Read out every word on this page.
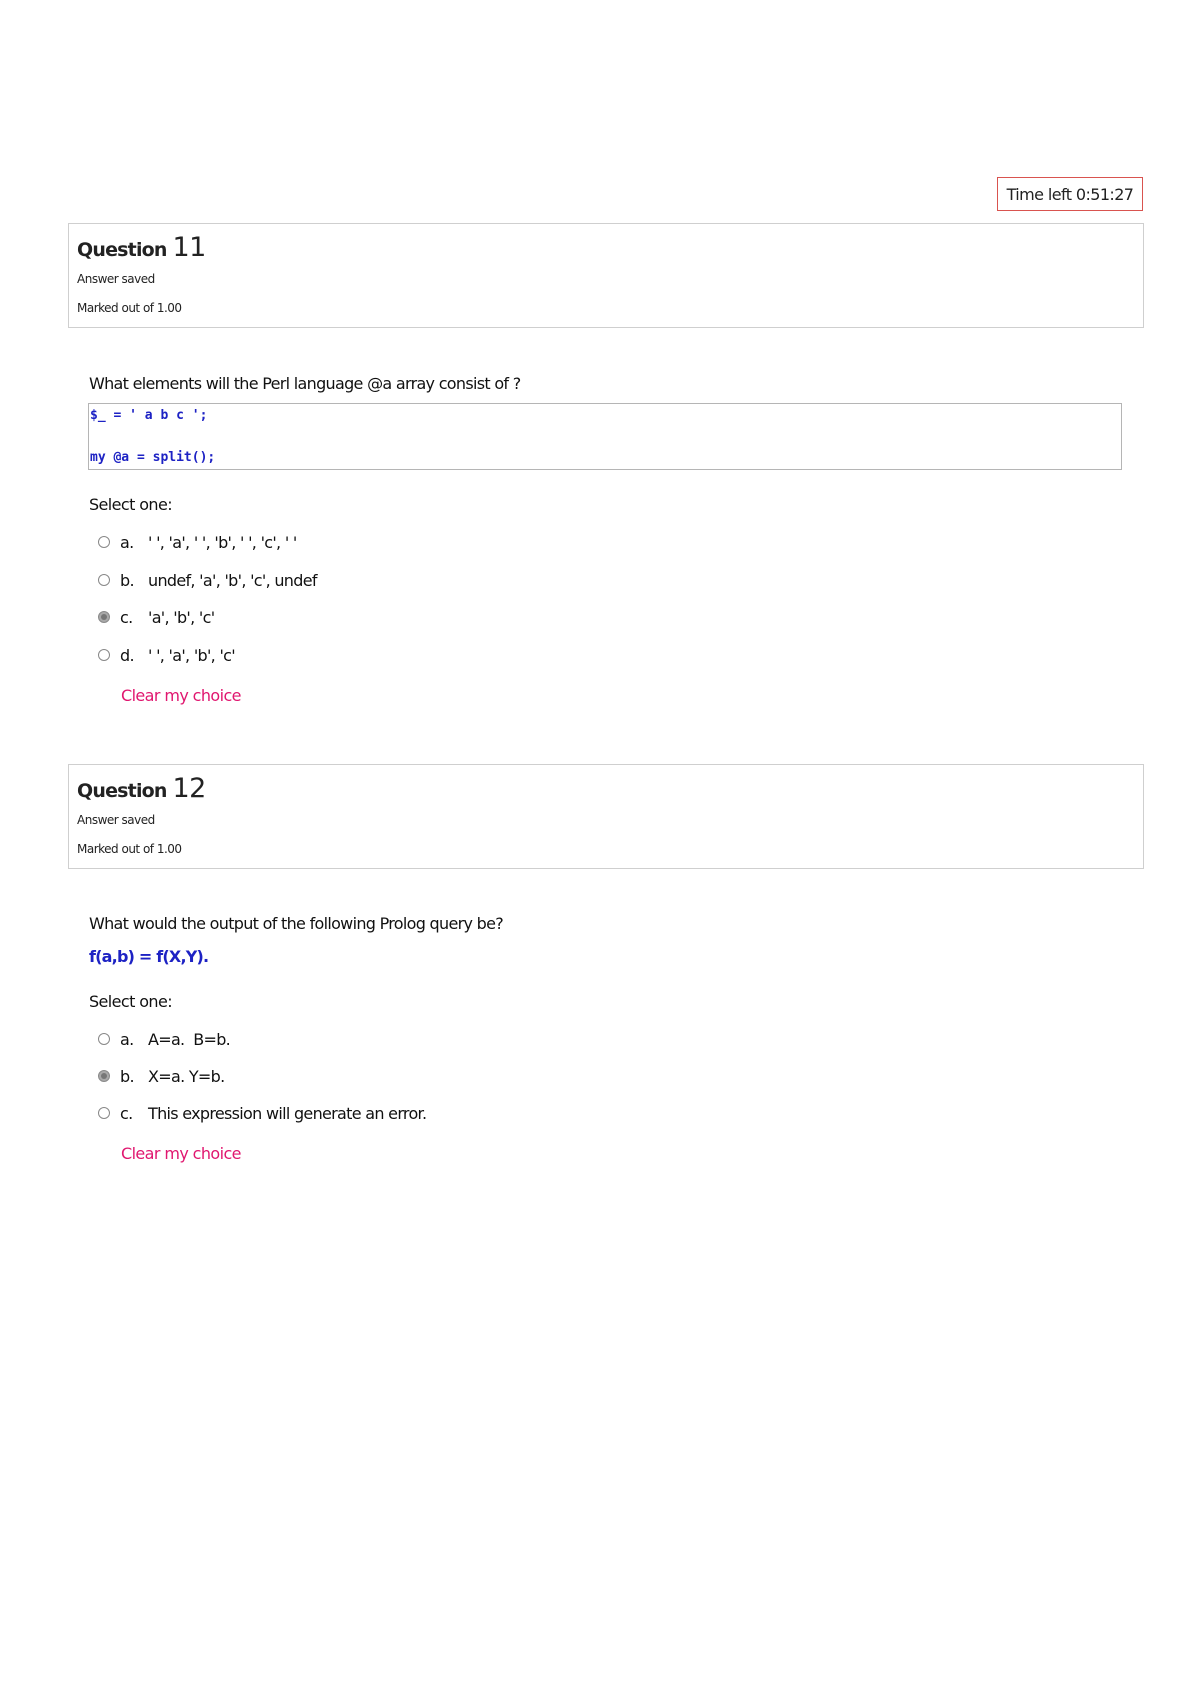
Time left 0:51:27
Question 11
Answer saved
Marked out of 1.00
What elements will the Perl language @a array consist of ?
$_ = ' a b c ';
my @a = split();
Select one:
a. ' ', 'a', ' ', 'b', ' ', 'c', ' '
b. undef, 'a', 'b', 'c', undef
c. 'a', 'b', 'c'
d. ' ', 'a', 'b', 'c'
Clear my choice
Question 12
Answer saved
Marked out of 1.00
What would the output of the following Prolog query be?
f(a,b) = f(X,Y).
Select one:
a. A=a.  B=b.
b. X=a. Y=b.
c. This expression will generate an error.
Clear my choice
